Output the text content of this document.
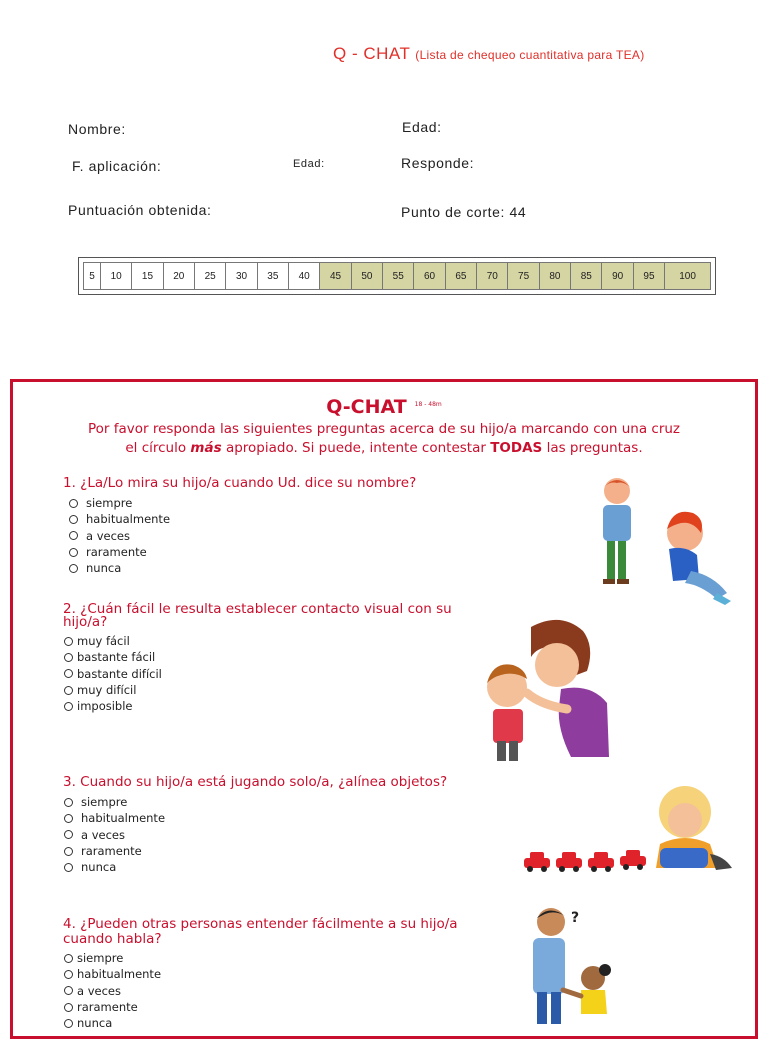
Q - CHAT (Lista de chequeo cuantitativa para TEA)
Nombre:	Edad:
F. aplicación:	Edad:	Responde:
Puntuación obtenida:	Punto de corte: 44
5	10	15	20	25	30	35	40	45	50	55	60	65	70	75	80	85	90	95	100
Q-CHAT $^{18 - 48m}$
Por favor responda las siguientes preguntas acerca de su hijo/a marcando con una cruz
el círculo más apropiado. Si puede, intente contestar TODAS las preguntas.
1. ¿La/Lo mira su hijo/a cuando Ud. dice su nombre?
siempre
habitualmente
a veces
raramente
nunca
2. ¿Cuán fácil le resulta establecer contacto visual con su hijo/a?
muy fácil
bastante fácil
bastante difícil
muy difícil
imposible
3. Cuando su hijo/a está jugando solo/a, ¿alínea objetos?
siempre
habitualmente
a veces
raramente
nunca
4. ¿Pueden otras personas entender fácilmente a su hijo/a cuando habla?
siempre
habitualmente
a veces
raramente
nunca
?
